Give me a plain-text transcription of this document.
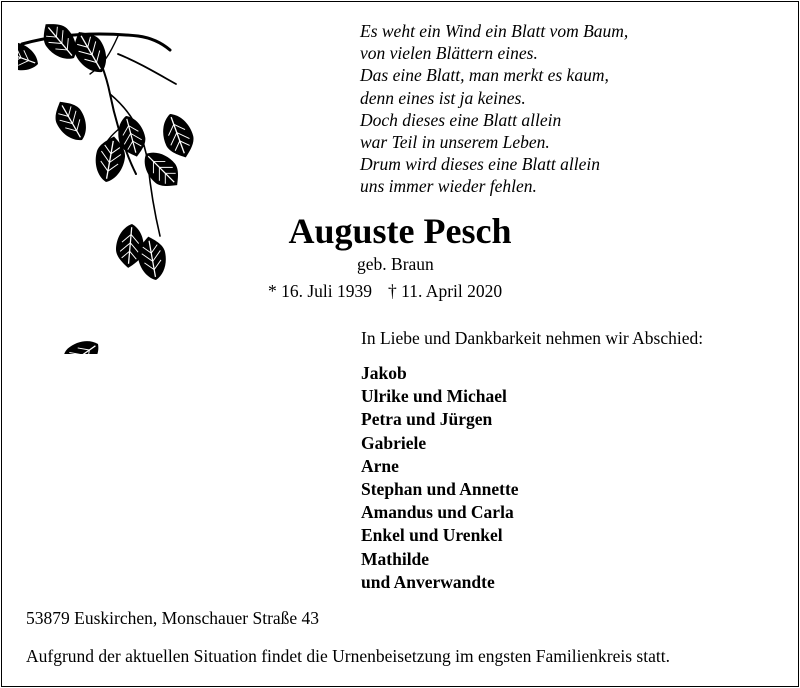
Es weht ein Wind ein Blatt vom Baum,
von vielen Blättern eines.
Das eine Blatt, man merkt es kaum,
denn eines ist ja keines.
Doch dieses eine Blatt allein
war Teil in unserem Leben.
Drum wird dieses eine Blatt allein
uns immer wieder fehlen.
Auguste Pesch
geb. Braun
* 16. Juli 1939 † 11. April 2020
In Liebe und Dankbarkeit nehmen wir Abschied:
Jakob
Ulrike und Michael
Petra und Jürgen
Gabriele
Arne
Stephan und Annette
Amandus und Carla
Enkel und Urenkel
Mathilde
und Anverwandte
53879 Euskirchen, Monschauer Straße 43
Aufgrund der aktuellen Situation findet die Urnenbeisetzung im engsten Familienkreis statt.
